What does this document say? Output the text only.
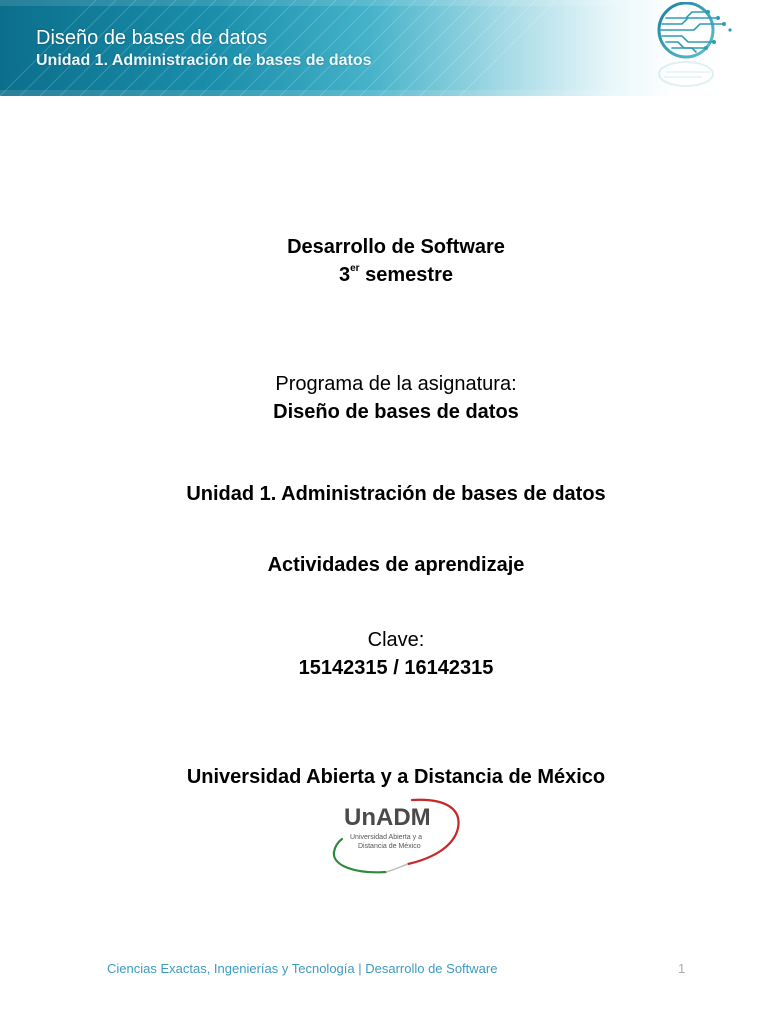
Diseño de bases de datos
Unidad 1. Administración de bases de datos
Desarrollo de Software
3er semestre
Programa de la asignatura:
Diseño de bases de datos
Unidad 1. Administración de bases de datos
Actividades de aprendizaje
Clave:
15142315 / 16142315
Universidad Abierta y a Distancia de México
UnADM
Universidad Abierta y a
Distancia de México
Ciencias Exactas, Ingenierías y Tecnología | Desarrollo de Software	1
